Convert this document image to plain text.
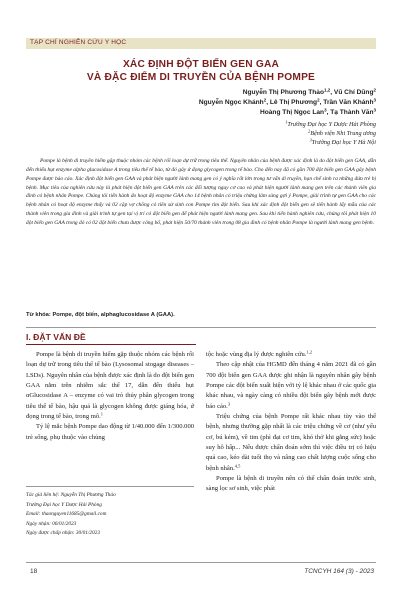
TẠP CHÍ NGHIÊN CỨU Y HỌC
XÁC ĐỊNH ĐỘT BIẾN GEN GAA
VÀ ĐẶC ĐIỂM DI TRUYỀN CỦA BỆNH POMPE
Nguyễn Thị Phương Thảo$^{1,2}$, Vũ Chí Dũng$^2$
Nguyễn Ngọc Khánh$^2$, Lê Thị Phương$^2$, Trần Văn Khánh$^3$
Hoàng Thị Ngọc Lan$^3$, Tạ Thành Văn$^3$
$^1$Trường Đại học Y Dược Hải Phòng
$^2$Bệnh viện Nhi Trung ương
$^3$Trường Đại học Y Hà Nội
Pompe là bệnh di truyền hiếm gặp thuộc nhóm các bệnh rối loạn dự trữ trong tiêu thể. Nguyên nhân của bệnh được xác định là do đột biến gen GAA, dẫn đến thiếu hụt enzyme alpha glucosidase A trong tiêu thể tế bào, từ đó gây ứ đọng glycogen trong tế bào. Cho đến nay đã có gần 700 đột biến gen GAA gây bệnh Pompe được báo cáo. Xác định đột biến gen GAA và phát hiện người lành mang gen có ý nghĩa rất lớn trong tư vấn di truyền, hạn chế sinh ra những đứa trẻ bị bệnh. Mục tiêu của nghiên cứu này là phát hiện đột biến gen GAA trên các đối tượng nguy cơ cao và phát hiện người lành mang gen trên các thành viên gia đình có bệnh nhân Pompe. Chúng tôi tiến hành đo hoạt độ enzyme GAA cho 14 bệnh nhân có triệu chứng lâm sàng gợi ý Pompe, giải trình tự gen GAA cho các bệnh nhân có hoạt độ enzyme thấy và 02 cặp vợ chồng có tiền sử sinh con Pompe tìm đột biến. Sau khi xác định đột biến gen sẽ tiến hành lấy mẫu của các thành viên trong gia đình và giải trình tự gen tại vị trí có đột biến gen để phát hiện người lành mang gen. Sau khi tiến hành nghiên cứu, chúng tôi phát hiện 10 đột biến gen GAA trong đó có 02 đột biến chưa được công bố, phát hiện 50/70 thành viên trong 08 gia đình có bệnh nhân Pompe là người lành mang gen bệnh.
Từ khóa: Pompe, đột biến, alphaglucosidase A (GAA).
I. ĐẶT VẤN ĐỀ

Pompe là bệnh di truyền hiếm gặp thuộc nhóm các bệnh rối loạn dự trữ trong tiêu thể tế bào (Lysosomal stogage diseases – LSDs). Nguyên nhân của bệnh được xác định là do đột biến gen GAA nằm trên nhiễm sắc thể 17, dẫn đến thiếu hụt αGlucosidase A – enzyme có vai trò thủy phân glycogen trong tiêu thể tế bào, hậu quả là glycogen không được giáng hóa, ứ đọng trong tế bào, trong mô.$^1$

Tỷ lệ mắc bệnh Pompe dao động từ 1/40.000 đến 1/300.000 trẻ sống, phụ thuộc vào chủng

tộc hoặc vùng địa lý được nghiên cứu.$^{1,2}$

Theo cập nhật của HGMD đến tháng 4 năm 2021 đã có gần 700 đột biến gen GAA được ghi nhận là nguyên nhân gây bệnh Pompe các đột biến xuất hiện với tỷ lệ khác nhau ở các quốc gia khác nhau, và ngày càng có nhiều đột biến gây bệnh mới được báo cáo.$^3$

Triệu chứng của bệnh Pompe rất khác nhau tùy vào thể bệnh, nhưng thường gặp nhất là các triệu chứng về cơ (như yếu cơ, bú kém), về tim (phì đại cơ tim, khó thở khi gắng sức) hoặc suy hô hấp... Nếu được chẩn đoán sớm thì việc điều trị có hiệu quả cao, kéo dài tuổi thọ và nâng cao chất lượng cuộc sống cho bệnh nhân.$^{4,5}$

Pompe là bệnh di truyền nên có thể chẩn đoán trước sinh, sàng lọc sơ sinh, việc phát

Tác giả liên hệ: Nguyễn Thị Phương Thảo
Trường Đại học Y Dược Hải Phòng
Email: thaonguyen11685@gmail.com
Ngày nhận: 06/01/2023
Ngày được chấp nhận: 30/01/2023
18	TCNCYH 164 (3) - 2023
